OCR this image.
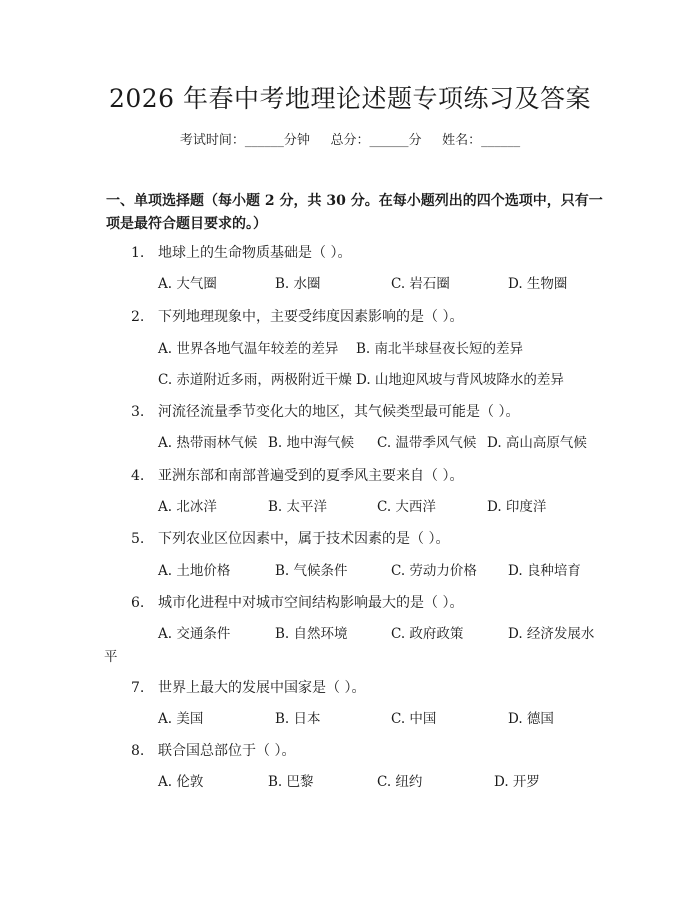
2026 年春中考地理论述题专项练习及答案
考试时间：______分钟     总分：______分     姓名：______
一、单项选择题（每小题 2 分，共 30 分。在每小题列出的四个选项中，只有一项是最符合题目要求的。）
1. 地球上的生命物质基础是（ ）。
A. 大气圈	B. 水圈	C. 岩石圈	D. 生物圈
2. 下列地理现象中，主要受纬度因素影响的是（ ）。
A. 世界各地气温年较差的差异 B. 南北半球昼夜长短的差异
C. 赤道附近多雨，两极附近干燥 D. 山地迎风坡与背风坡降水的差异
3. 河流径流量季节变化大的地区，其气候类型最可能是（ ）。
A. 热带雨林气候 B. 地中海气候 C. 温带季风气候 D. 高山高原气候
4. 亚洲东部和南部普遍受到的夏季风主要来自（ ）。
A. 北冰洋	B. 太平洋	C. 大西洋	D. 印度洋
5. 下列农业区位因素中，属于技术因素的是（ ）。
A. 土地价格	B. 气候条件	C. 劳动力价格 D. 良种培育
6. 城市化进程中对城市空间结构影响最大的是（ ）。
A. 交通条件	B. 自然环境	C. 政府政策	D. 经济发展水
平
7. 世界上最大的发展中国家是（ ）。
A. 美国	B. 日本	C. 中国	D. 德国
8. 联合国总部位于（ ）。
A. 伦敦	B. 巴黎	C. 纽约	D. 开罗
